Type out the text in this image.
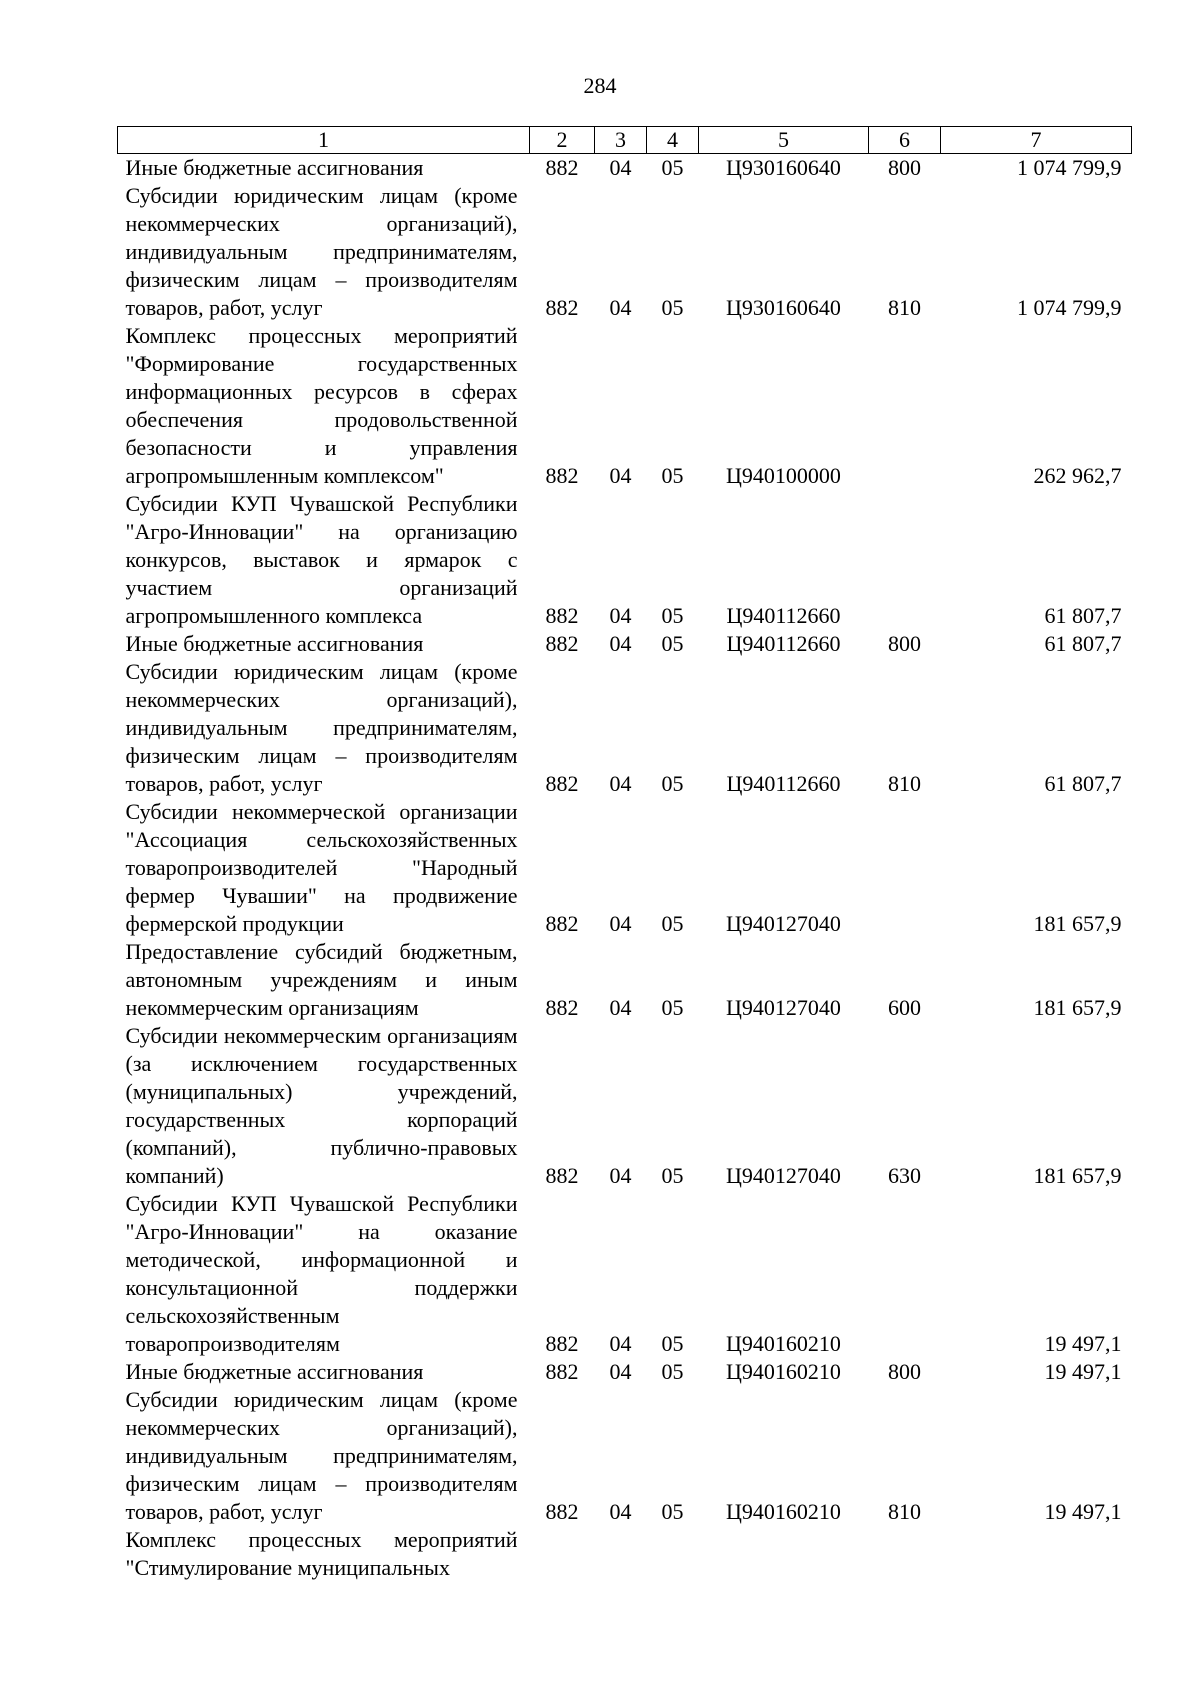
284
1	2	3	4	5	6	7
Иные бюджетные ассигнования	882	04	05	Ц930160640	800	1 074 799,9
Субсидии юридическим лицам (кроме некоммерческих организаций), индивидуальным предпринимателям, физическим лицам – производителям товаров, работ, услуг	882	04	05	Ц930160640	810	1 074 799,9
Комплекс процессных мероприятий "Формирование государственных информационных ресурсов в сферах обеспечения продовольственной безопасности и управления агропромышленным комплексом"	882	04	05	Ц940100000		262 962,7
Субсидии КУП Чувашской Республики "Агро-Инновации" на организацию конкурсов, выставок и ярмарок с участием организаций агропромышленного комплекса	882	04	05	Ц940112660		61 807,7
Иные бюджетные ассигнования	882	04	05	Ц940112660	800	61 807,7
Субсидии юридическим лицам (кроме некоммерческих организаций), индивидуальным предпринимателям, физическим лицам – производителям товаров, работ, услуг	882	04	05	Ц940112660	810	61 807,7
Субсидии некоммерческой организации "Ассоциация сельскохозяйственных товаропроизводителей "Народный фермер Чувашии" на продвижение фермерской продукции	882	04	05	Ц940127040		181 657,9
Предоставление субсидий бюджетным, автономным учреждениям и иным некоммерческим организациям	882	04	05	Ц940127040	600	181 657,9
Субсидии некоммерческим организациям (за исключением государственных (муниципальных) учреждений, государственных корпораций (компаний), публично-правовых компаний)	882	04	05	Ц940127040	630	181 657,9
Субсидии КУП Чувашской Республики "Агро-Инновации" на оказание методической, информационной и консультационной поддержки сельскохозяйственным товаропроизводителям	882	04	05	Ц940160210		19 497,1
Иные бюджетные ассигнования	882	04	05	Ц940160210	800	19 497,1
Субсидии юридическим лицам (кроме некоммерческих организаций), индивидуальным предпринимателям, физическим лицам – производителям товаров, работ, услуг	882	04	05	Ц940160210	810	19 497,1
Комплекс процессных мероприятий "Стимулирование муниципальных						
